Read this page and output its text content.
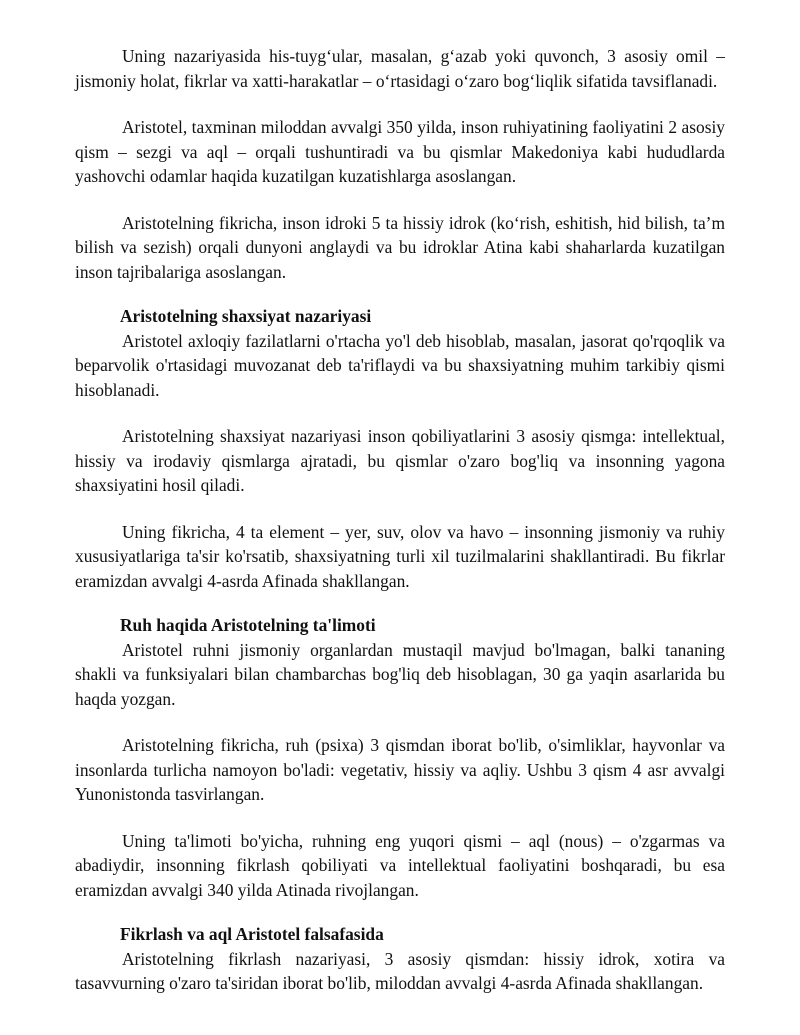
Uning nazariyasida his-tuyg‘ular, masalan, g‘azab yoki quvonch, 3 asosiy omil – jismoniy holat, fikrlar va xatti-harakatlar – o‘rtasidagi o‘zaro bog‘liqlik sifatida tavsiflanadi.

Aristotel, taxminan miloddan avvalgi 350 yilda, inson ruhiyatining faoliyatini 2 asosiy qism – sezgi va aql – orqali tushuntiradi va bu qismlar Makedoniya kabi hududlarda yashovchi odamlar haqida kuzatilgan kuzatishlarga asoslangan.

Aristotelning fikricha, inson idroki 5 ta hissiy idrok (ko‘rish, eshitish, hid bilish, ta’m bilish va sezish) orqali dunyoni anglaydi va bu idroklar Atina kabi shaharlarda kuzatilgan inson tajribalariga asoslangan.

Aristotelning shaxsiyat nazariyasi

Aristotel axloqiy fazilatlarni o'rtacha yo'l deb hisoblab, masalan, jasorat qo'rqoqlik va beparvolik o'rtasidagi muvozanat deb ta'riflaydi va bu shaxsiyatning muhim tarkibiy qismi hisoblanadi.

Aristotelning shaxsiyat nazariyasi inson qobiliyatlarini 3 asosiy qismga: intellektual, hissiy va irodaviy qismlarga ajratadi, bu qismlar o'zaro bog'liq va insonning yagona shaxsiyatini hosil qiladi.

Uning fikricha, 4 ta element – yer, suv, olov va havo – insonning jismoniy va ruhiy xususiyatlariga ta'sir ko'rsatib, shaxsiyatning turli xil tuzilmalarini shakllantiradi. Bu fikrlar eramizdan avvalgi 4-asrda Afinada shakllangan.

Ruh haqida Aristotelning ta'limoti

Aristotel ruhni jismoniy organlardan mustaqil mavjud bo'lmagan, balki tananing shakli va funksiyalari bilan chambarchas bog'liq deb hisoblagan, 30 ga yaqin asarlarida bu haqda yozgan.

Aristotelning fikricha, ruh (psixa) 3 qismdan iborat bo'lib, o'simliklar, hayvonlar va insonlarda turlicha namoyon bo'ladi: vegetativ, hissiy va aqliy. Ushbu 3 qism 4 asr avvalgi Yunonistonda tasvirlangan.

Uning ta'limoti bo'yicha, ruhning eng yuqori qismi – aql (nous) – o'zgarmas va abadiydir, insonning fikrlash qobiliyati va intellektual faoliyatini boshqaradi, bu esa eramizdan avvalgi 340 yilda Atinada rivojlangan.

Fikrlash va aql Aristotel falsafasida

Aristotelning fikrlash nazariyasi, 3 asosiy qismdan: hissiy idrok, xotira va tasavvurning o'zaro ta'siridan iborat bo'lib, miloddan avvalgi 4-asrda Afinada shakllangan.
